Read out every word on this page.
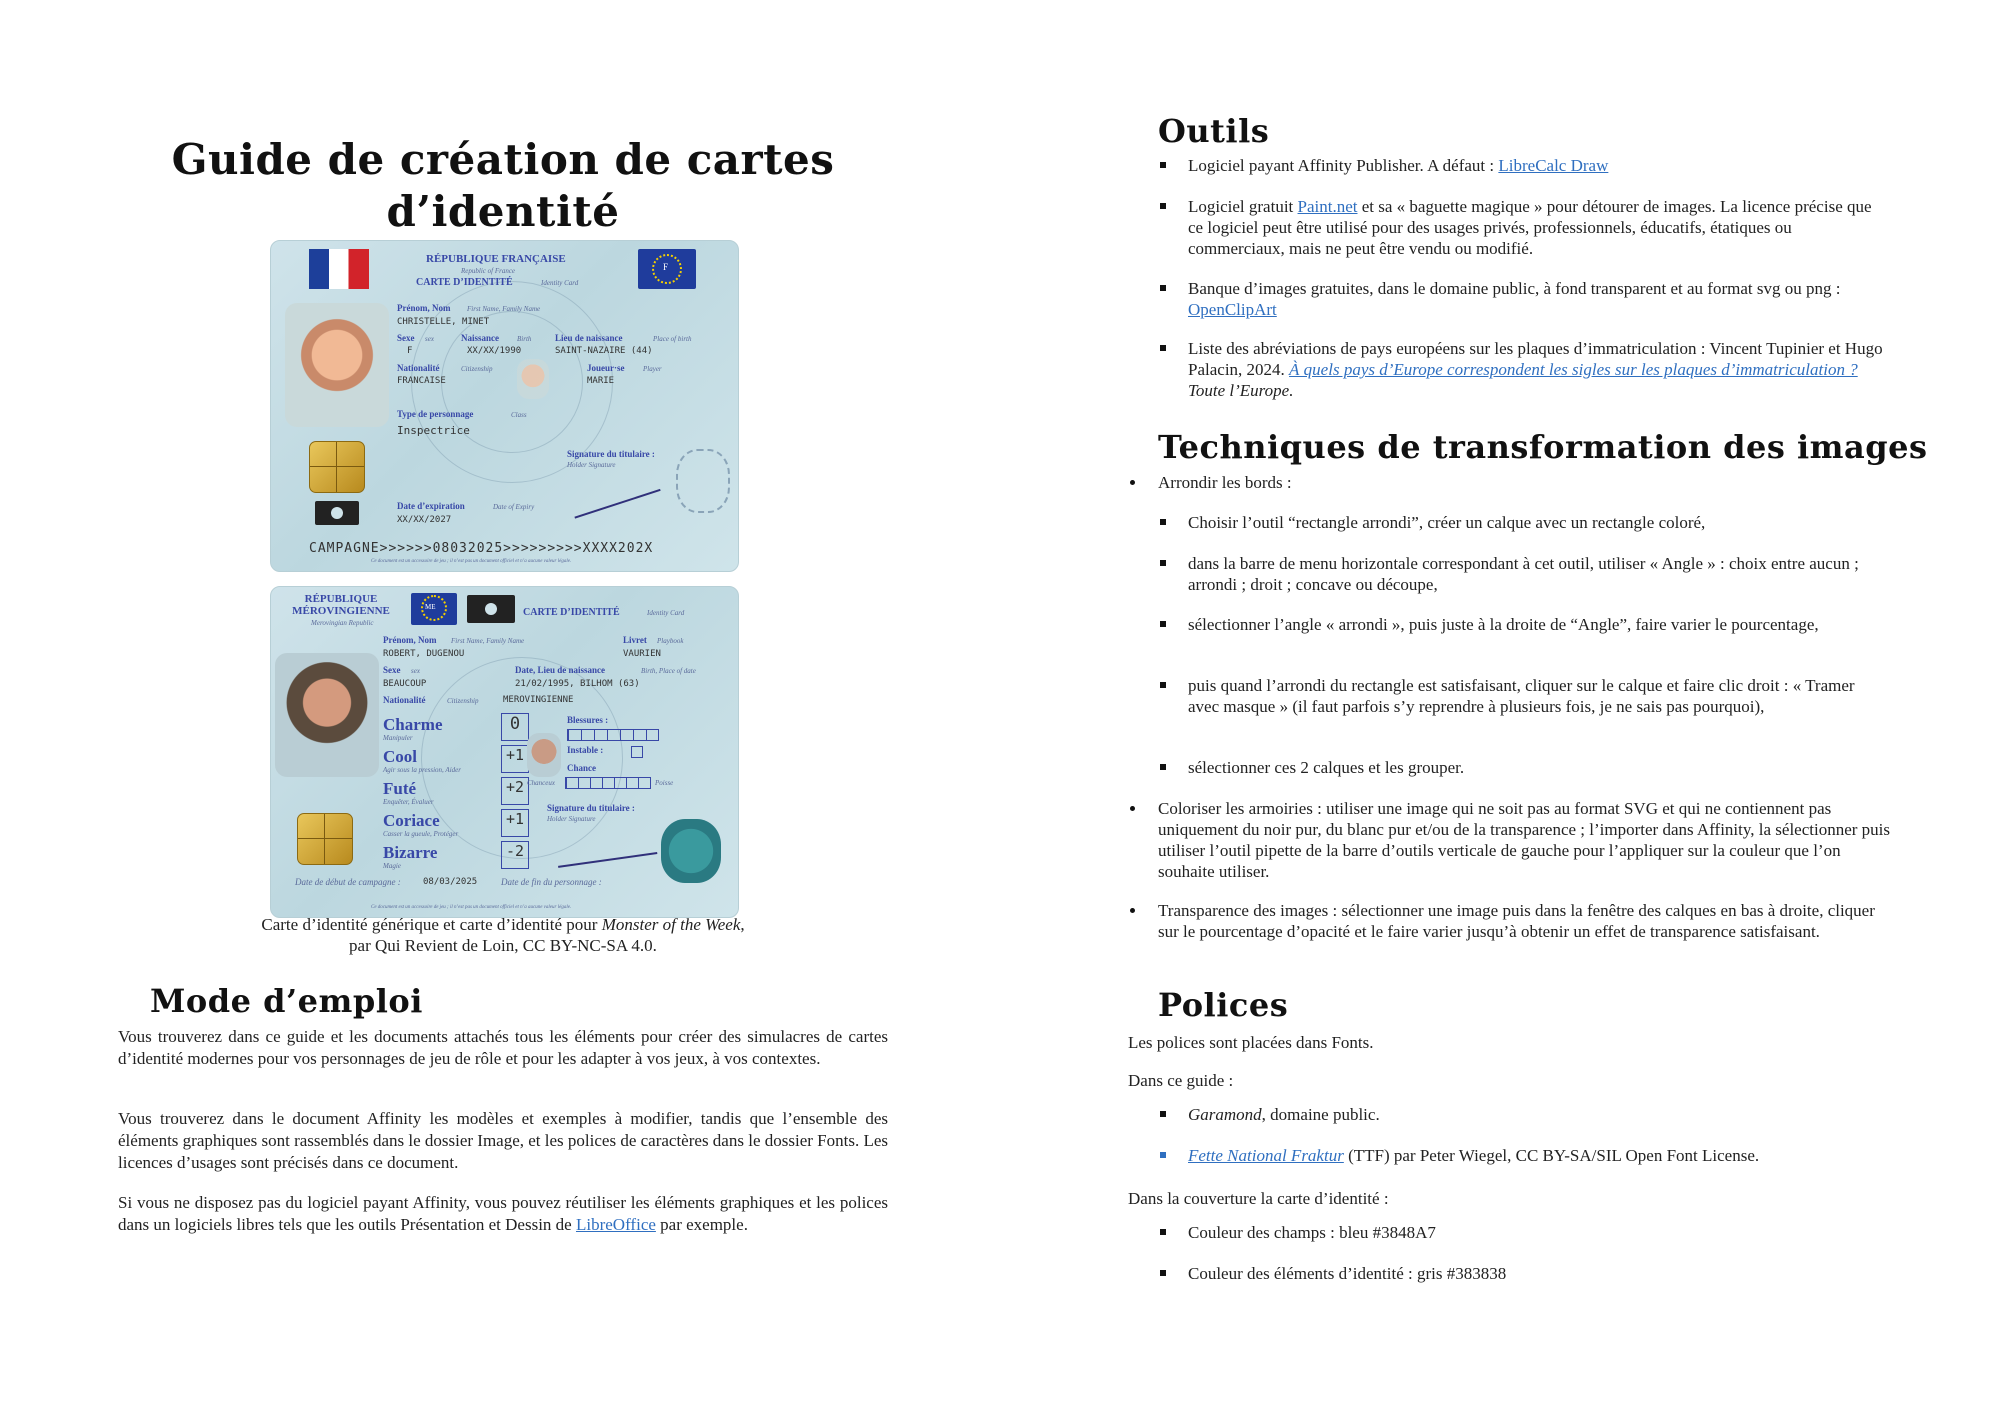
Guide de création de cartes d’identité
RÉPUBLIQUE FRANÇAISE
Republic of France
CARTE D’IDENTITÉ	Identity Card
F
Prénom, Nom First Name, Family Name
CHRISTELLE, MINET
Sexe sex
F
Naissance	Birth
XX/XX/1990
Lieu de naissance	Place of birth
SAINT-NAZAIRE (44)
Nationalité	Citizenship
FRANCAISE
Joueur·se	Player
MARIE
Type de personnage	Class
Inspectrice
Signature du titulaire :
Holder Signature
Date d’expiration	Date of Expiry
XX/XX/2027
CAMPAGNE>>>>>>08032025>>>>>>>>>XXXX202X
Ce document est un accessoire de jeu ; il n’est pas un document officiel et n’a aucune valeur légale.
RÉPUBLIQUE MÉROVINGIENNE
Merovingian Republic
ME	CARTE D’IDENTITÉ	Identity Card
Prénom, Nom First Name, Family Name
ROBERT, DUGENOU
Livret Playbook
VAURIEN
Sexe sex
BEAUCOUP
Date, Lieu de naissance	Birth, Place of date
21/02/1995, BILHOM (63)
Nationalité	Citizenship	MEROVINGIENNE
Charme
Manipuler
0
Cool
Agir sous la pression, Aider
+1
Futé
Enquêter, Évaluer
+2
Coriace
Casser la gueule, Protéger
+1
Bizarre
Magie
-2
Blessures :
Instable :
Chance
Chanceux	Poisse
Signature du titulaire :
Holder Signature
Date de début de campagne : 08/03/2025	Date de fin du personnage :
Ce document est un accessoire de jeu ; il n’est pas un document officiel et n’a aucune valeur légale.
Carte d’identité générique et carte d’identité pour Monster of the Week,
par Qui Revient de Loin, CC BY-NC-SA 4.0.
Mode d’emploi

Vous trouverez dans ce guide et les documents attachés tous les éléments pour créer des simulacres de cartes d’identité modernes pour vos personnages de jeu de rôle et pour les adapter à vos jeux, à vos contextes.

Vous trouverez dans le document Affinity les modèles et exemples à modifier, tandis que l’ensemble des éléments graphiques sont rassemblés dans le dossier Image, et les polices de caractères dans le dossier Fonts. Les licences d’usages sont précisés dans ce document.

Si vous ne disposez pas du logiciel payant Affinity, vous pouvez réutiliser les éléments graphiques et les polices dans un logiciels libres tels que les outils Présentation et Dessin de LibreOffice par exemple.

Outils
Logiciel payant Affinity Publisher. A défaut : LibreCalc Draw
Logiciel gratuit Paint.net et sa « baguette magique » pour détourer de images. La licence précise que ce logiciel peut être utilisé pour des usages privés, professionnels, éducatifs, étatiques ou commerciaux, mais ne peut être vendu ou modifié.
Banque d’images gratuites, dans le domaine public, à fond transparent et au format svg ou png : OpenClipArt
Liste des abréviations de pays européens sur les plaques d’immatriculation : Vincent Tupinier et Hugo Palacin, 2024. À quels pays d’Europe correspondent les sigles sur les plaques d’immatriculation ? Toute l’Europe.
Techniques de transformation des images
Arrondir les bords :
Choisir l’outil “rectangle arrondi”, créer un calque avec un rectangle coloré,
dans la barre de menu horizontale correspondant à cet outil, utiliser « Angle » : choix entre aucun ; arrondi ; droit ; concave ou découpe,
sélectionner l’angle « arrondi », puis juste à la droite de “Angle”, faire varier le pourcentage,
puis quand l’arrondi du rectangle est satisfaisant, cliquer sur le calque et faire clic droit : « Tramer avec masque » (il faut parfois s’y reprendre à plusieurs fois, je ne sais pas pourquoi),
sélectionner ces 2 calques et les grouper.
Coloriser les armoiries : utiliser une image qui ne soit pas au format SVG et qui ne contiennent pas uniquement du noir pur, du blanc pur et/ou de la transparence ; l’importer dans Affinity, la sélectionner puis utiliser l’outil pipette de la barre d’outils verticale de gauche pour l’appliquer sur la couleur que l’on souhaite utiliser.
Transparence des images : sélectionner une image puis dans la fenêtre des calques en bas à droite, cliquer sur le pourcentage d’opacité et le faire varier jusqu’à obtenir un effet de transparence satisfaisant.
Polices

Les polices sont placées dans Fonts.

Dans ce guide :

Garamond, domaine public.
Fette National Fraktur (TTF) par Peter Wiegel, CC BY-SA/SIL Open Font License.

Dans la couverture la carte d’identité :

Couleur des champs : bleu #3848A7
Couleur des éléments d’identité : gris #383838
